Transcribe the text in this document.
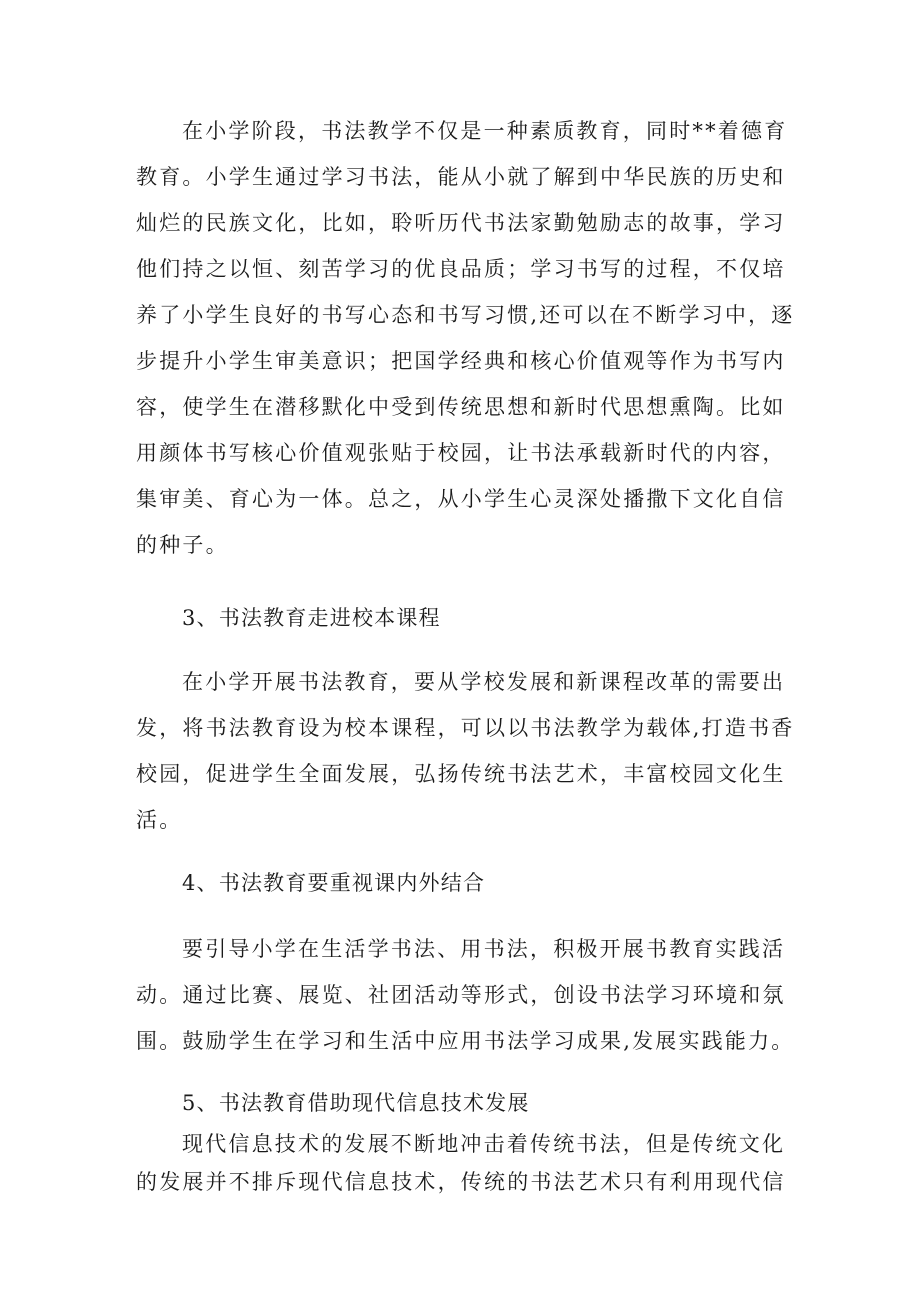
在小学阶段，书法教学不仅是一种素质教育，同时**着德育
教育。小学生通过学习书法，能从小就了解到中华民族的历史和
灿烂的民族文化，比如，聆听历代书法家勤勉励志的故事，学习
他们持之以恒、刻苦学习的优良品质；学习书写的过程，不仅培
养了小学生良好的书写心态和书写习惯,还可以在不断学习中，逐
步提升小学生审美意识；把国学经典和核心价值观等作为书写内
容，使学生在潜移默化中受到传统思想和新时代思想熏陶。比如
用颜体书写核心价值观张贴于校园，让书法承载新时代的内容，
集审美、育心为一体。总之，从小学生心灵深处播撒下文化自信
的种子。
3、书法教育走进校本课程
在小学开展书法教育，要从学校发展和新课程改革的需要出
发，将书法教育设为校本课程，可以以书法教学为载体,打造书香
校园，促进学生全面发展，弘扬传统书法艺术，丰富校园文化生
活。
4、书法教育要重视课内外结合
要引导小学在生活学书法、用书法，积极开展书教育实践活
动。通过比赛、展览、社团活动等形式，创设书法学习环境和氛
围。鼓励学生在学习和生活中应用书法学习成果,发展实践能力。
5、书法教育借助现代信息技术发展
现代信息技术的发展不断地冲击着传统书法，但是传统文化
的发展并不排斥现代信息技术，传统的书法艺术只有利用现代信
